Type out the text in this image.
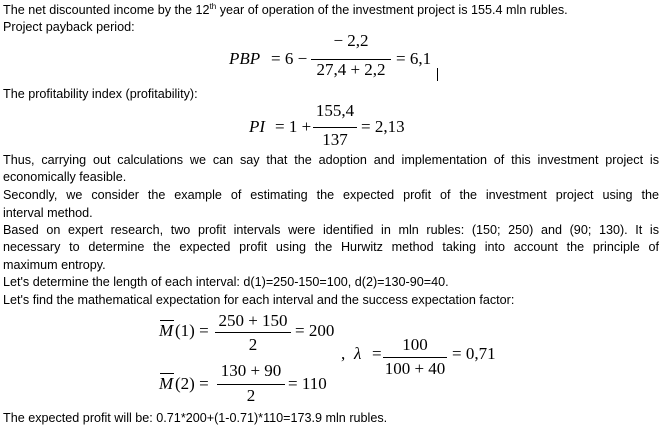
The net discounted income by the 12th year of operation of the investment project is 155.4 mln rubles.
Project payback period:
PBP = 6 −
− 2,2
27,4 + 2,2
= 6,1
The profitability index (profitability):
PI = 1 +
155,4
137
= 2,13
Thus, carrying out calculations we can say that the adoption and implementation of this investment project is
economically feasible.
Secondly, we consider the example of estimating the expected profit of the investment project using the
interval method.
Based on expert research, two profit intervals were identified in mln rubles: (150; 250) and (90; 130). It is
necessary to determine the expected profit using the Hurwitz method taking into account the principle of
maximum entropy.
Let's determine the length of each interval: d(1)=250-150=100, d(2)=130-90=40.
Let's find the mathematical expectation for each interval and the success expectation factor:
M (1) =
250 + 150
2
= 200
, λ =	100
100 + 40
= 0,71
M (2) =
130 + 90
2
= 110
The expected profit will be: 0.71*200+(1-0.71)*110=173.9 mln rubles.
